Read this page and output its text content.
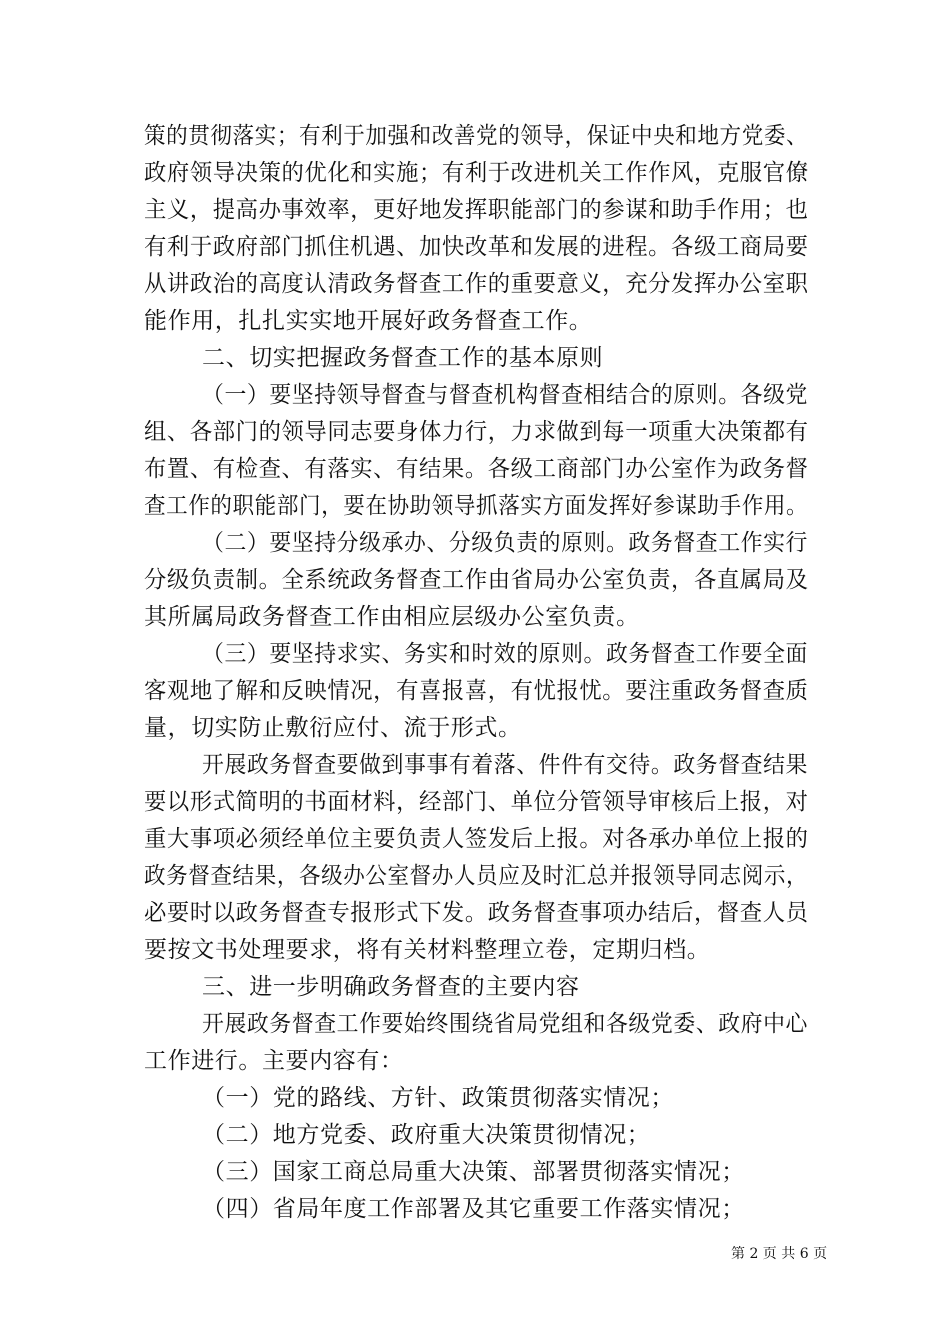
策的贯彻落实；有利于加强和改善党的领导，保证中央和地方党委、
政府领导决策的优化和实施；有利于改进机关工作作风，克服官僚
主义，提高办事效率，更好地发挥职能部门的参谋和助手作用；也
有利于政府部门抓住机遇、加快改革和发展的进程。各级工商局要
从讲政治的高度认清政务督查工作的重要意义，充分发挥办公室职
能作用，扎扎实实地开展好政务督查工作。
二、切实把握政务督查工作的基本原则
（一）要坚持领导督查与督查机构督查相结合的原则。各级党
组、各部门的领导同志要身体力行，力求做到每一项重大决策都有
布置、有检查、有落实、有结果。各级工商部门办公室作为政务督
查工作的职能部门，要在协助领导抓落实方面发挥好参谋助手作用。
（二）要坚持分级承办、分级负责的原则。政务督查工作实行
分级负责制。全系统政务督查工作由省局办公室负责，各直属局及
其所属局政务督查工作由相应层级办公室负责。
（三）要坚持求实、务实和时效的原则。政务督查工作要全面
客观地了解和反映情况，有喜报喜，有忧报忧。要注重政务督查质
量，切实防止敷衍应付、流于形式。
开展政务督查要做到事事有着落、件件有交待。政务督查结果
要以形式简明的书面材料，经部门、单位分管领导审核后上报，对
重大事项必须经单位主要负责人签发后上报。对各承办单位上报的
政务督查结果，各级办公室督办人员应及时汇总并报领导同志阅示，
必要时以政务督查专报形式下发。政务督查事项办结后，督查人员
要按文书处理要求，将有关材料整理立卷，定期归档。
三、进一步明确政务督查的主要内容
开展政务督查工作要始终围绕省局党组和各级党委、政府中心
工作进行。主要内容有：
（一）党的路线、方针、政策贯彻落实情况；
（二）地方党委、政府重大决策贯彻情况；
（三）国家工商总局重大决策、部署贯彻落实情况；
（四）省局年度工作部署及其它重要工作落实情况；
第 2 页 共 6 页
